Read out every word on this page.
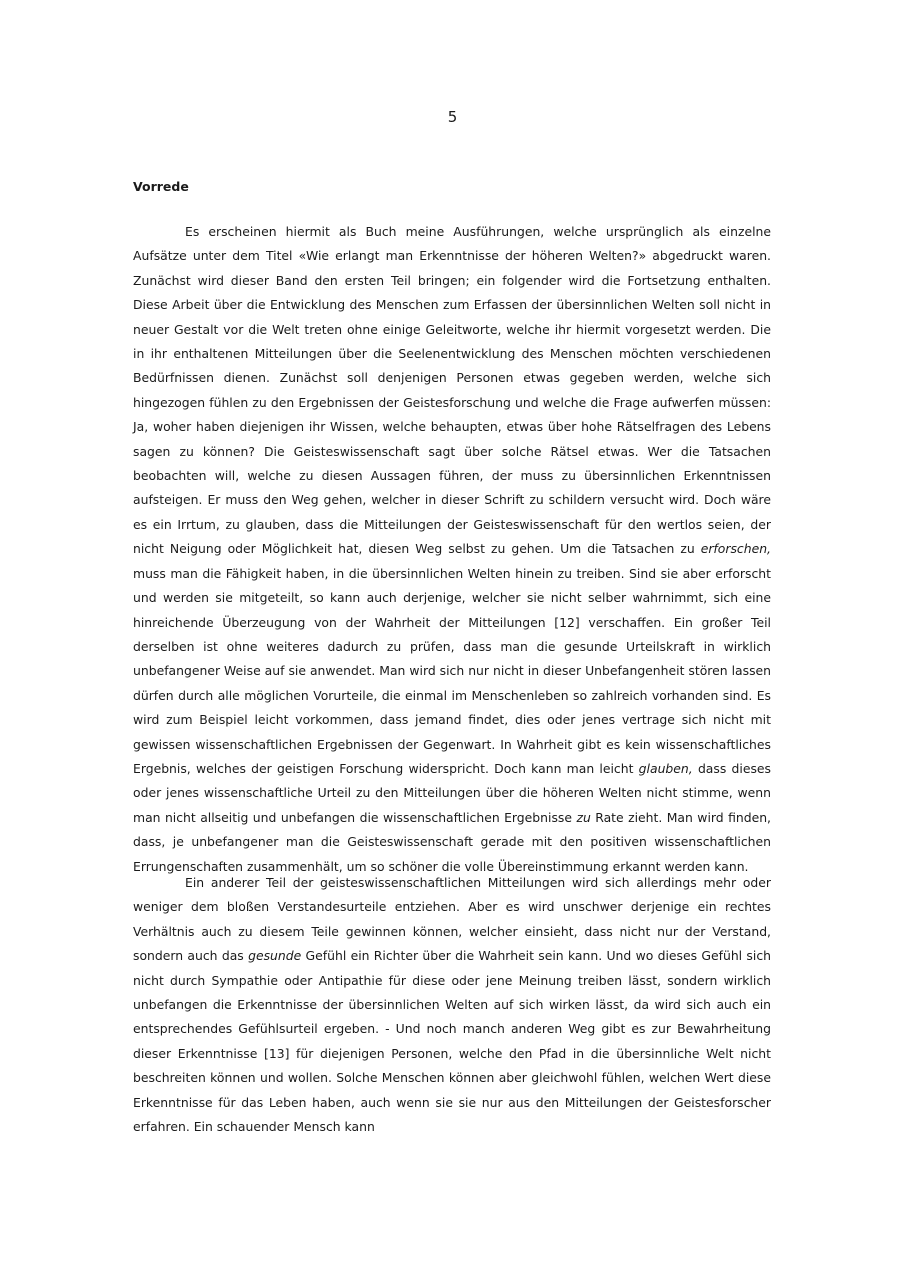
5
Vorrede

Es erscheinen hiermit als Buch meine Ausführungen, welche ursprünglich als einzelne Aufsätze unter dem Titel «Wie erlangt man Erkenntnisse der höheren Welten?» abgedruckt waren. Zunächst wird dieser Band den ersten Teil bringen; ein folgender wird die Fortsetzung enthalten. Diese Arbeit über die Entwicklung des Menschen zum Erfassen der übersinnlichen Welten soll nicht in neuer Gestalt vor die Welt treten ohne einige Geleitworte, welche ihr hiermit vorgesetzt werden. Die in ihr enthaltenen Mitteilungen über die Seelenentwicklung des Menschen möchten verschiedenen Bedürfnissen dienen. Zunächst soll denjenigen Personen etwas gegeben werden, welche sich hingezogen fühlen zu den Ergebnissen der Geistesforschung und welche die Frage aufwerfen müssen: Ja, woher haben diejenigen ihr Wissen, welche behaupten, etwas über hohe Rätselfragen des Lebens sagen zu können? Die Geisteswissenschaft sagt über solche Rätsel etwas. Wer die Tatsachen beobachten will, welche zu diesen Aussagen führen, der muss zu übersinnlichen Erkenntnissen aufsteigen. Er muss den Weg gehen, welcher in dieser Schrift zu schildern versucht wird. Doch wäre es ein Irrtum, zu glauben, dass die Mitteilungen der Geisteswissenschaft für den wertlos seien, der nicht Neigung oder Möglichkeit hat, diesen Weg selbst zu gehen. Um die Tatsachen zu erforschen, muss man die Fähigkeit haben, in die übersinnlichen Welten hinein zu treiben. Sind sie aber erforscht und werden sie mitgeteilt, so kann auch derjenige, welcher sie nicht selber wahrnimmt, sich eine hinreichende Überzeugung von der Wahrheit der Mitteilungen [12] verschaffen. Ein großer Teil derselben ist ohne weiteres dadurch zu prüfen, dass man die gesunde Urteilskraft in wirklich unbefangener Weise auf sie anwendet. Man wird sich nur nicht in dieser Unbefangenheit stören lassen dürfen durch alle möglichen Vorurteile, die einmal im Menschenleben so zahlreich vorhanden sind. Es wird zum Beispiel leicht vorkommen, dass jemand findet, dies oder jenes vertrage sich nicht mit gewissen wissenschaftlichen Ergebnissen der Gegenwart. In Wahrheit gibt es kein wissenschaftliches Ergebnis, welches der geistigen Forschung widerspricht. Doch kann man leicht glauben, dass dieses oder jenes wissenschaftliche Urteil zu den Mitteilungen über die höheren Welten nicht stimme, wenn man nicht allseitig und unbefangen die wissenschaftlichen Ergebnisse zu Rate zieht. Man wird finden, dass, je unbefangener man die Geisteswissenschaft gerade mit den positiven wissenschaftlichen Errungenschaften zusammenhält, um so schöner die volle Übereinstimmung erkannt werden kann.

Ein anderer Teil der geisteswissenschaftlichen Mitteilungen wird sich allerdings mehr oder weniger dem bloßen Verstandesurteile entziehen. Aber es wird unschwer derjenige ein rechtes Verhältnis auch zu diesem Teile gewinnen können, welcher einsieht, dass nicht nur der Verstand, sondern auch das gesunde Gefühl ein Richter über die Wahrheit sein kann. Und wo dieses Gefühl sich nicht durch Sympathie oder Antipathie für diese oder jene Meinung treiben lässt, sondern wirklich unbefangen die Erkenntnisse der übersinnlichen Welten auf sich wirken lässt, da wird sich auch ein entsprechendes Gefühlsurteil ergeben. - Und noch manch anderen Weg gibt es zur Bewahrheitung dieser Erkenntnisse [13] für diejenigen Personen, welche den Pfad in die übersinnliche Welt nicht beschreiten können und wollen. Solche Menschen können aber gleichwohl fühlen, welchen Wert diese Erkenntnisse für das Leben haben, auch wenn sie sie nur aus den Mitteilungen der Geistesforscher erfahren. Ein schauender Mensch kann
